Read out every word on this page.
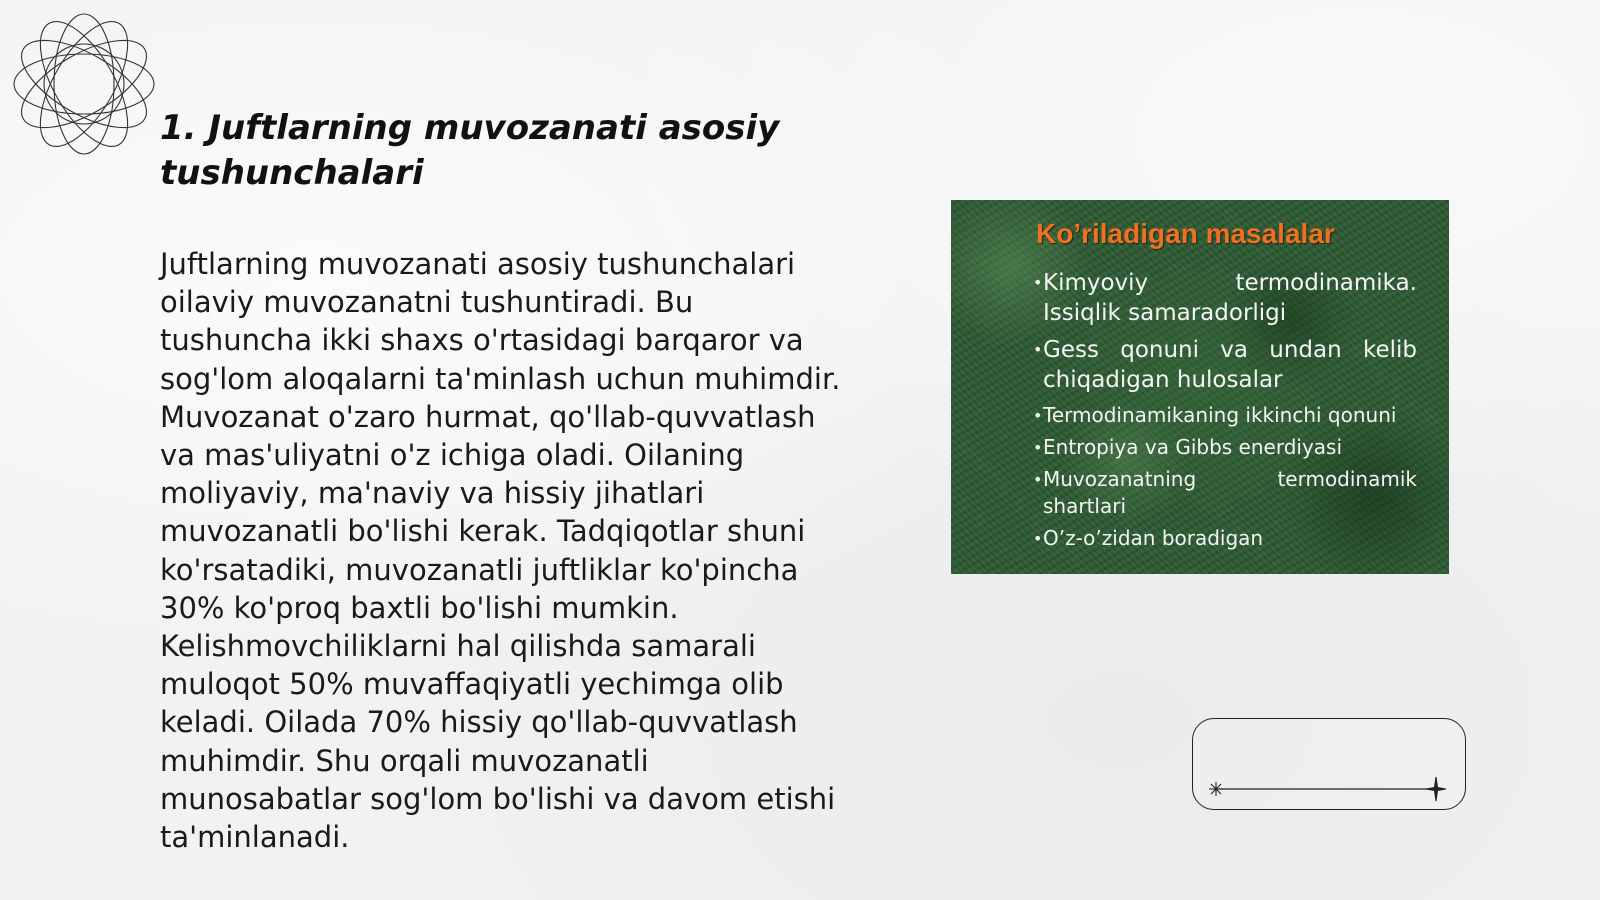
1. Juftlarning muvozanati asosiy tushunchalari

Juftlarning muvozanati asosiy tushunchalari oilaviy muvozanatni tushuntiradi. Bu tushuncha ikki shaxs o'rtasidagi barqaror va sog'lom aloqalarni ta'minlash uchun muhimdir. Muvozanat o'zaro hurmat, qo'llab-quvvatlash va mas'uliyatni o'z ichiga oladi. Oilaning moliyaviy, ma'naviy va hissiy jihatlari muvozanatli bo'lishi kerak. Tadqiqotlar shuni ko'rsatadiki, muvozanatli juftliklar ko'pincha 30% ko'proq baxtli bo'lishi mumkin. Kelishmovchiliklarni hal qilishda samarali muloqot 50% muvaffaqiyatli yechimga olib keladi. Oilada 70% hissiy qo'llab-quvvatlash muhimdir. Shu orqali muvozanatli munosabatlar sog'lom bo'lishi va davom etishi ta'minlanadi.

Ko’riladigan masalalar
• Kimyoviy termodinamika. Issiqlik samaradorligi
• Gess qonuni va undan kelib chiqadigan hulosalar
• Termodinamikaning ikkinchi qonuni
• Entropiya va Gibbs enerdiyasi
• Muvozanatning termodinamik shartlari
• O’z-o’zidan boradigan
